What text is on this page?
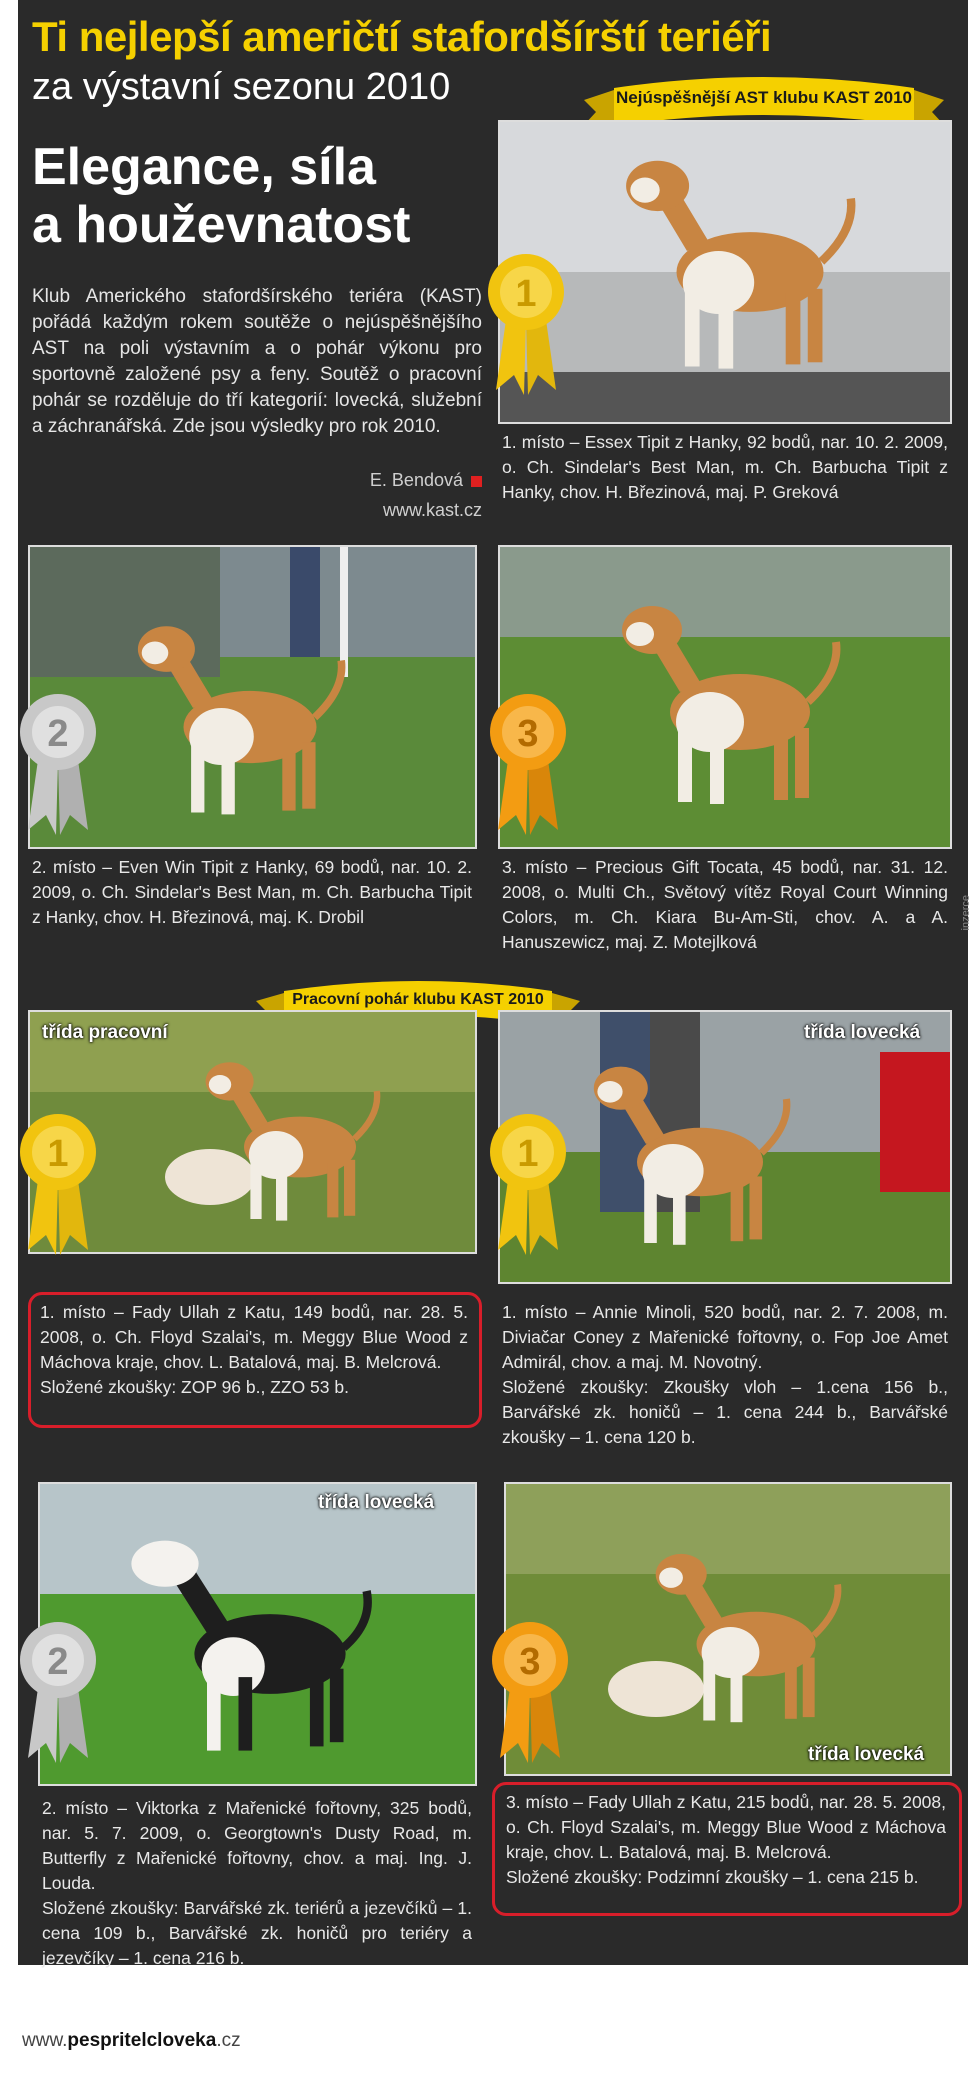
Ti nejlepší američtí stafordšírští teriéři
za výstavní sezonu 2010
Elegance, síla
a houževnatost
Klub Amerického stafordšírského teriéra (KAST) pořádá každým rokem soutěže o nejúspěšnějšího AST na poli výstavním a o pohár výkonu pro sportovně založené psy a feny. Soutěž o pracovní pohár se rozděluje do tří kategorií: lovecká, služební a záchranářská. Zde jsou výsledky pro rok 2010.
E. Bendová
www.kast.cz
Nejúspěšnější AST klubu KAST 2010
1
1. místo – Essex Tipit z Hanky, 92 bodů, nar. 10. 2. 2009, o. Ch. Sindelar's Best Man, m. Ch. Barbucha Tipit z Hanky, chov. H. Březinová, maj. P. Greková
2
2. místo – Even Win Tipit z Hanky, 69 bodů, nar. 10. 2. 2009, o. Ch. Sindelar's Best Man, m. Ch. Barbucha Tipit z Hanky, chov. H. Březinová, maj. K. Drobil
3
3. místo – Precious Gift Tocata, 45 bodů, nar. 31. 12. 2008, o. Multi Ch., Světový vítěz Royal Court Winning Colors, m. Ch. Kiara Bu-Am-Sti, chov. A. a A. Hanuszewicz, maj. Z. Motejlková
inzerce
Pracovní pohár klubu KAST 2010
třída pracovní
1

1. místo – Fady Ullah z Katu, 149 bodů, nar. 28. 5. 2008, o. Ch. Floyd Szalai's, m. Meggy Blue Wood z Máchova kraje, chov. L. Batalová, maj. B. Melcrová.

Složené zkoušky: ZOP 96 b., ZZO 53 b.

třída lovecká
1

1. místo – Annie Minoli, 520 bodů, nar. 2. 7. 2008, m. Diviačar Coney z Mařenické fořtovny, o. Fop Joe Amet Admirál, chov. a maj. M. Novotný.

Složené zkoušky: Zkoušky vloh – 1.cena 156 b., Barvářské zk. honičů – 1. cena 244 b., Barvářské zkoušky – 1. cena 120 b.

třída lovecká
2

2. místo – Viktorka z Mařenické fořtovny, 325 bodů, nar. 5. 7. 2009, o. Georgtown's Dusty Road, m. Butterfly z Mařenické fořtovny, chov. a maj. Ing. J. Louda.

Složené zkoušky: Barvářské zk. teriérů a jezevčíků – 1. cena 109 b., Barvářské zk. honičů pro teriéry a jezevčíky – 1. cena 216 b.

třída lovecká
3

3. místo – Fady Ullah z Katu, 215 bodů, nar. 28. 5. 2008, o. Ch. Floyd Szalai's, m. Meggy Blue Wood z Máchova kraje, chov. L. Batalová, maj. B. Melcrová.

Složené zkoušky: Podzimní zkoušky – 1. cena 215 b.

www.pespritelcloveka.cz
